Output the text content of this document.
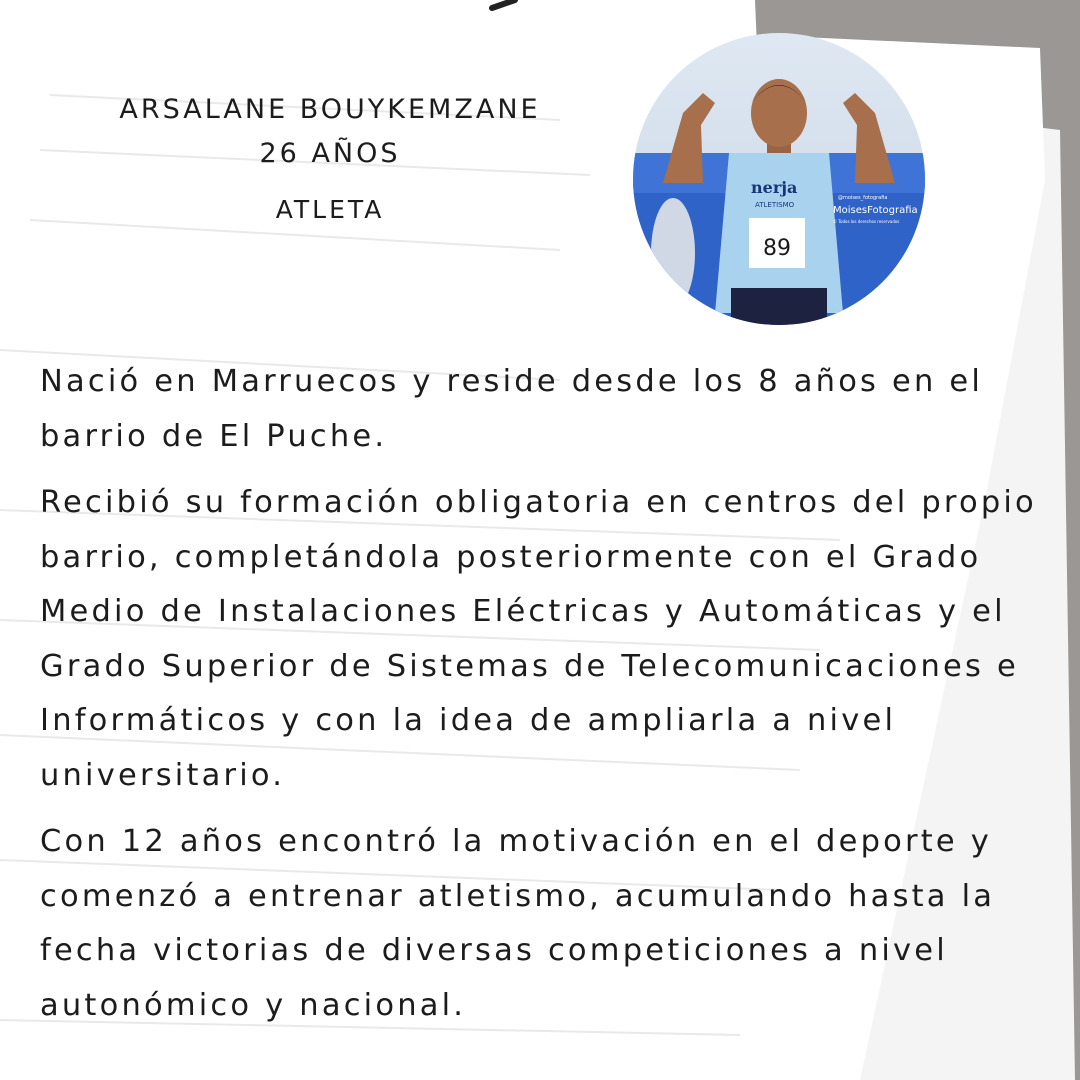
ARSALANE BOUYKEMZANE
26 AÑOS
ATLETA
nerja
ATLETISMO
89
@moises_fotografia
MoisesFotografia
© Todos los derechos reservados

Nació en Marruecos y reside desde los 8 años en el barrio de El Puche.

Recibió su formación obligatoria en centros del propio barrio, completándola posteriormente con el Grado Medio de Instalaciones Eléctricas y Automáticas y el Grado Superior de Sistemas de Telecomunicaciones e Informáticos y con la idea de ampliarla a nivel universitario.

Con 12 años encontró la motivación en el deporte y comenzó a entrenar atletismo, acumulando hasta la fecha victorias de diversas competiciones a nivel autonómico y nacional.
